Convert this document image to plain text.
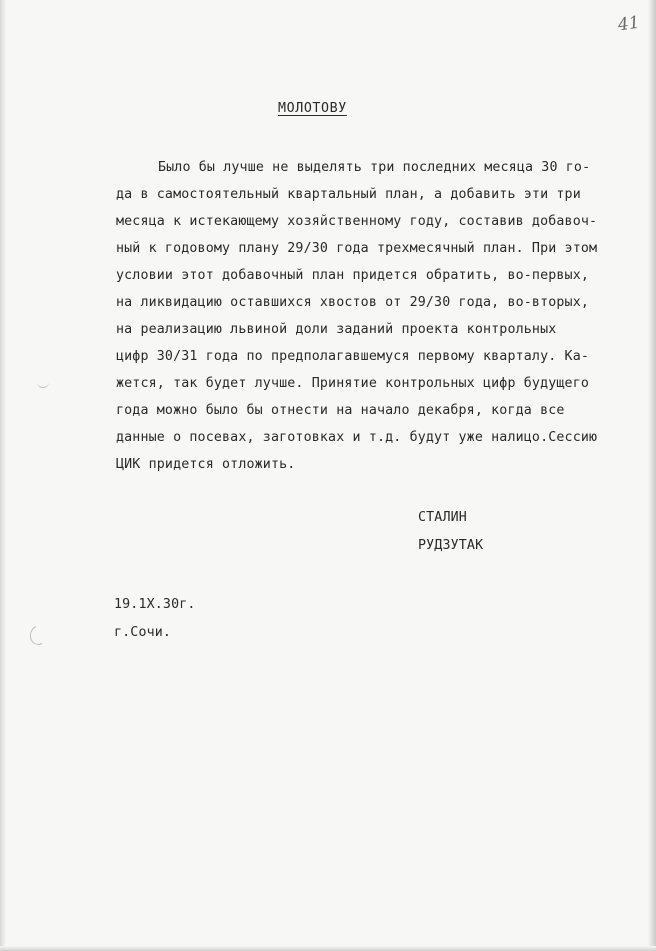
41
МОЛОТОВУ
Было бы лучше не выделять три последних месяца 30 го-
да в самостоятельный квартальный план, а добавить эти три
месяца к истекающему хозяйственному году, составив добавоч-
ный к годовому плану 29/30 года трехмесячный план. При этом
условии этот добавочный план придется обратить, во-первых,
на ликвидацию оставшихся хвостов от 29/30 года, во-вторых,
на реализацию львиной доли заданий проекта контрольных
цифр 30/31 года по предполагавшемуся первому кварталу. Ка-
жется, так будет лучше. Принятие контрольных цифр будущего
года можно было бы отнести на начало декабря, когда все
данные о посевах, заготовках и т.д. будут уже налицо.Сессию
ЦИК придется отложить.
СТАЛИН
РУДЗУТАК
19.1Х.30г.
г.Сочи.
